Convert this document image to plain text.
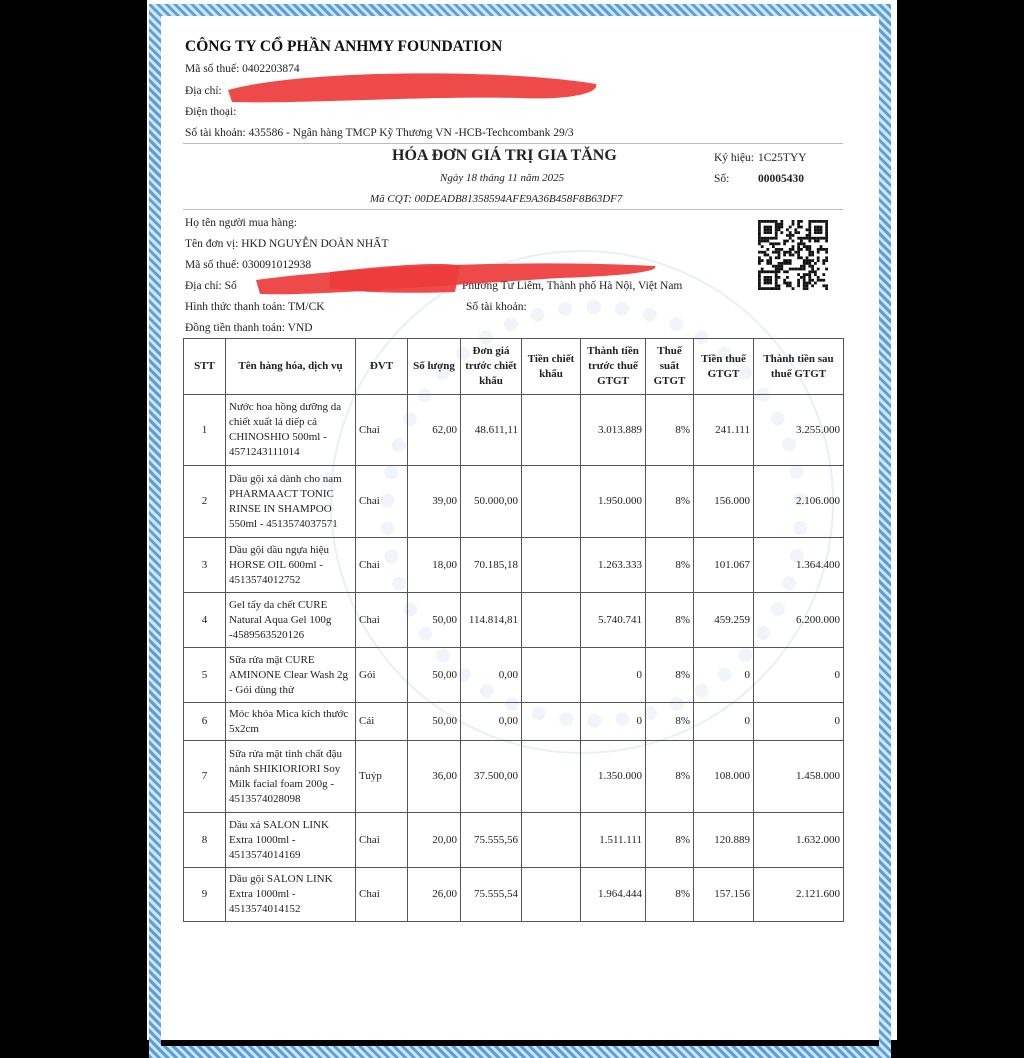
CÔNG TY CỔ PHẦN ANHMY FOUNDATION
Mã số thuế: 0402203874
Địa chỉ:
Điện thoại:
Số tài khoản: 435586 - Ngân hàng TMCP Kỹ Thương VN -HCB-Techcombank 29/3
HÓA ĐƠN GIÁ TRỊ GIA TĂNG
Ngày 18 tháng 11 năm 2025
Mã CQT: 00DEADB81358594AFE9A36B458F8B63DF7
Ký hiệu: 1C25TYY
Số: 00005430
Họ tên người mua hàng:
Tên đơn vị: HKD NGUYỄN DOÃN NHẤT
Mã số thuế: 030091012938
Địa chỉ: Số	Phường Tư Liêm, Thành phố Hà Nội, Việt Nam
Hình thức thanh toán: TM/CK	Số tài khoản:
Đồng tiền thanh toán: VND
STT	Tên hàng hóa, dịch vụ	ĐVT	Số lượng	Đơn giá trước chiết khấu	Tiền chiết khấu	Thành tiền trước thuế GTGT	Thuế suất GTGT	Tiền thuế GTGT	Thành tiền sau thuế GTGT
1	Nước hoa hồng dưỡng da chiết xuất lá diếp cá CHINOSHIO 500ml - 4571243111014	Chai	62,00	48.611,11		3.013.889	8%	241.111	3.255.000
2	Dầu gội xả dành cho nam PHARMAACT TONIC RINSE IN SHAMPOO 550ml - 4513574037571	Chai	39,00	50.000,00		1.950.000	8%	156.000	2.106.000
3	Dầu gội dầu ngựa hiệu HORSE OIL 600ml - 4513574012752	Chai	18,00	70.185,18		1.263.333	8%	101.067	1.364.400
4	Gel tẩy da chết CURE Natural Aqua Gel 100g -4589563520126	Chai	50,00	114.814,81		5.740.741	8%	459.259	6.200.000
5	Sữa rửa mặt CURE AMINONE Clear Wash 2g - Gói dùng thử	Gói	50,00	0,00		0	8%	0	0
6	Móc khóa Mica kích thước 5x2cm	Cái	50,00	0,00		0	8%	0	0
7	Sữa rửa mặt tinh chất đậu nành SHIKIORIORI Soy Milk facial foam 200g - 4513574028098	Tuýp	36,00	37.500,00		1.350.000	8%	108.000	1.458.000
8	Dầu xả SALON LINK Extra 1000ml - 4513574014169	Chai	20,00	75.555,56		1.511.111	8%	120.889	1.632.000
9	Dầu gội SALON LINK Extra 1000ml - 4513574014152	Chai	26,00	75.555,54		1.964.444	8%	157.156	2.121.600
